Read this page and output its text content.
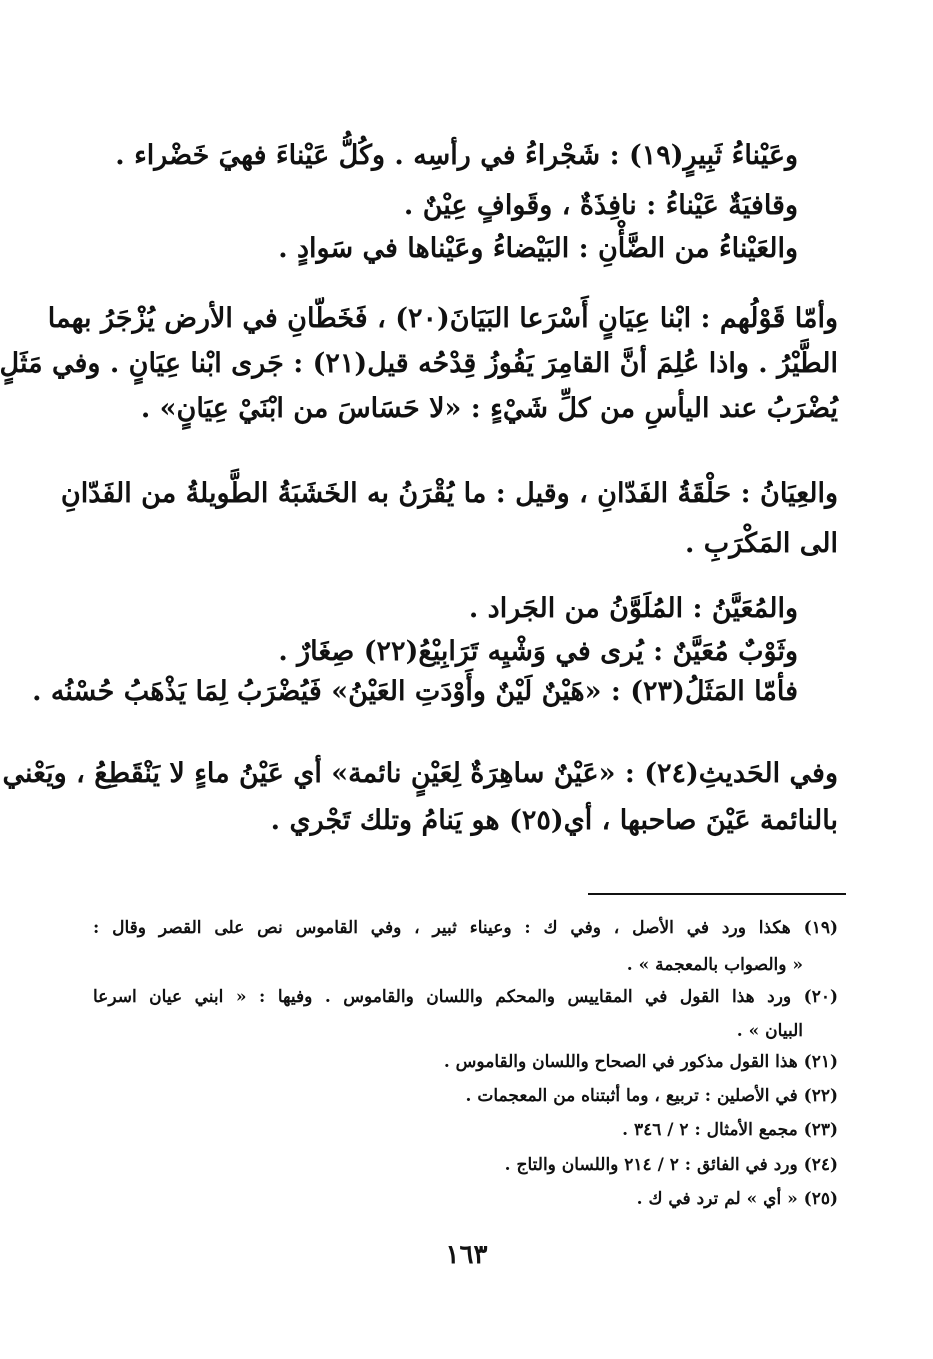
وعَيْناءُ ثَبِيرٍ(١٩) : شَجْراءُ في رأسِه . وكُلُّ عَيْناءَ فهيَ خَضْراء .
وقافيَةٌ عَيْناءُ : نافِذَةٌ ، وقَوافٍ عِيْنٌ .
والعَيْناءُ من الضَّأْنِ : البَيْضاءُ وعَيْناها في سَوادٍ .
وأمّا قَوْلُهم : ابْنا عِيَانٍ أَسْرَعا البَيَانَ(٢٠) ، فَخَطّانِ في الأرض يُزْجَرُ بهما
الطَّيْرُ . واذا عُلِمَ أنَّ القامِرَ يَفُوزُ قِدْحُه قيل(٢١) : جَرى ابْنا عِيَانٍ . وفي مَثَلٍ
يُضْرَبُ عند اليأسِ من كلِّ شَيْءٍ : «لا حَسَاسَ من ابْنَيْ عِيَانٍ» .
والعِيَانُ : حَلْقَةُ الفَدّانِ ، وقيل : ما يُقْرَنُ به الخَشَبَةُ الطَّويلةُ من الفَدّانِ
الى المَكْرَبِ .
والمُعَيَّنُ : المُلَوَّنُ من الجَراد .
وثَوْبٌ مُعَيَّنٌ : يُرى في وَشْيِه تَرَابِيْعُ(٢٢) صِغَارٌ .
فأمّا المَثَلُ(٢٣) : «هَيْنٌ لَيْنٌ وأَوْدَتِ العَيْنُ» فَيُضْرَبُ لِمَا يَذْهَبُ حُسْنُه .
وفي الحَديثِ(٢٤) : «عَيْنٌ ساهِرَةٌ لِعَيْنٍ نائمة» أي عَيْنُ ماءٍ لا يَنْقَطِعُ ، ويَعْني
بالنائمة عَيْنَ صاحبها ، أي(٢٥) هو يَنامُ وتلك تَجْري .
(١٩) هكذا ورد في الأصل ، وفي ك : وعيناء ثبير ، وفي القاموس نص على القصر وقال :
« والصواب بالمعجمة » .
(٢٠) ورد هذا القول في المقاييس والمحكم واللسان والقاموس . وفيها : « ابني عيان اسرعا
البيان » .
(٢١) هذا القول مذكور في الصحاح واللسان والقاموس .
(٢٢) في الأصلين : تربيع ، وما أثبتناه من المعجمات .
(٢٣) مجمع الأمثال : ٢ / ٣٤٦ .
(٢٤) ورد في الفائق : ٢ / ٢١٤ واللسان والتاج .
(٢٥) « أي » لم ترد في ك .
١٦٣
